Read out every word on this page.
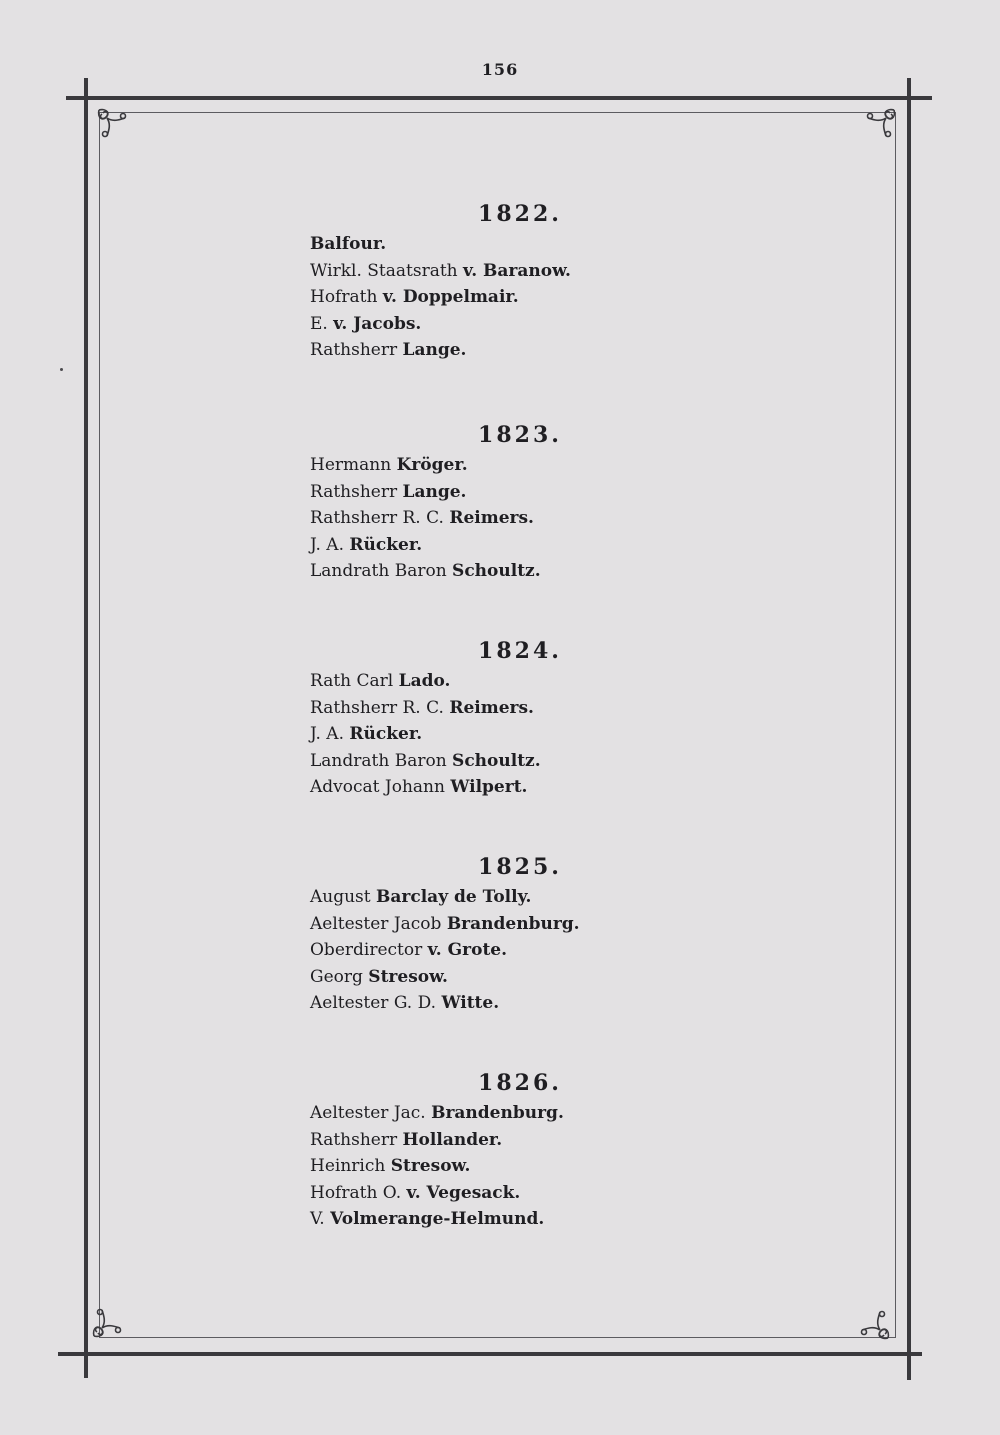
156
1822.
Balfour.
Wirkl. Staatsrath v. Baranow.
Hofrath v. Doppelmair.
E. v. Jacobs.
Rathsherr Lange.
1823.
Hermann Kröger.
Rathsherr Lange.
Rathsherr R. C. Reimers.
J. A. Rücker.
Landrath Baron Schoultz.
1824.
Rath Carl Lado.
Rathsherr R. C. Reimers.
J. A. Rücker.
Landrath Baron Schoultz.
Advocat Johann Wilpert.
1825.
August Barclay de Tolly.
Aeltester Jacob Brandenburg.
Oberdirector v. Grote.
Georg Stresow.
Aeltester G. D. Witte.
1826.
Aeltester Jac. Brandenburg.
Rathsherr Hollander.
Heinrich Stresow.
Hofrath O. v. Vegesack.
V. Volmerange-Helmund.
